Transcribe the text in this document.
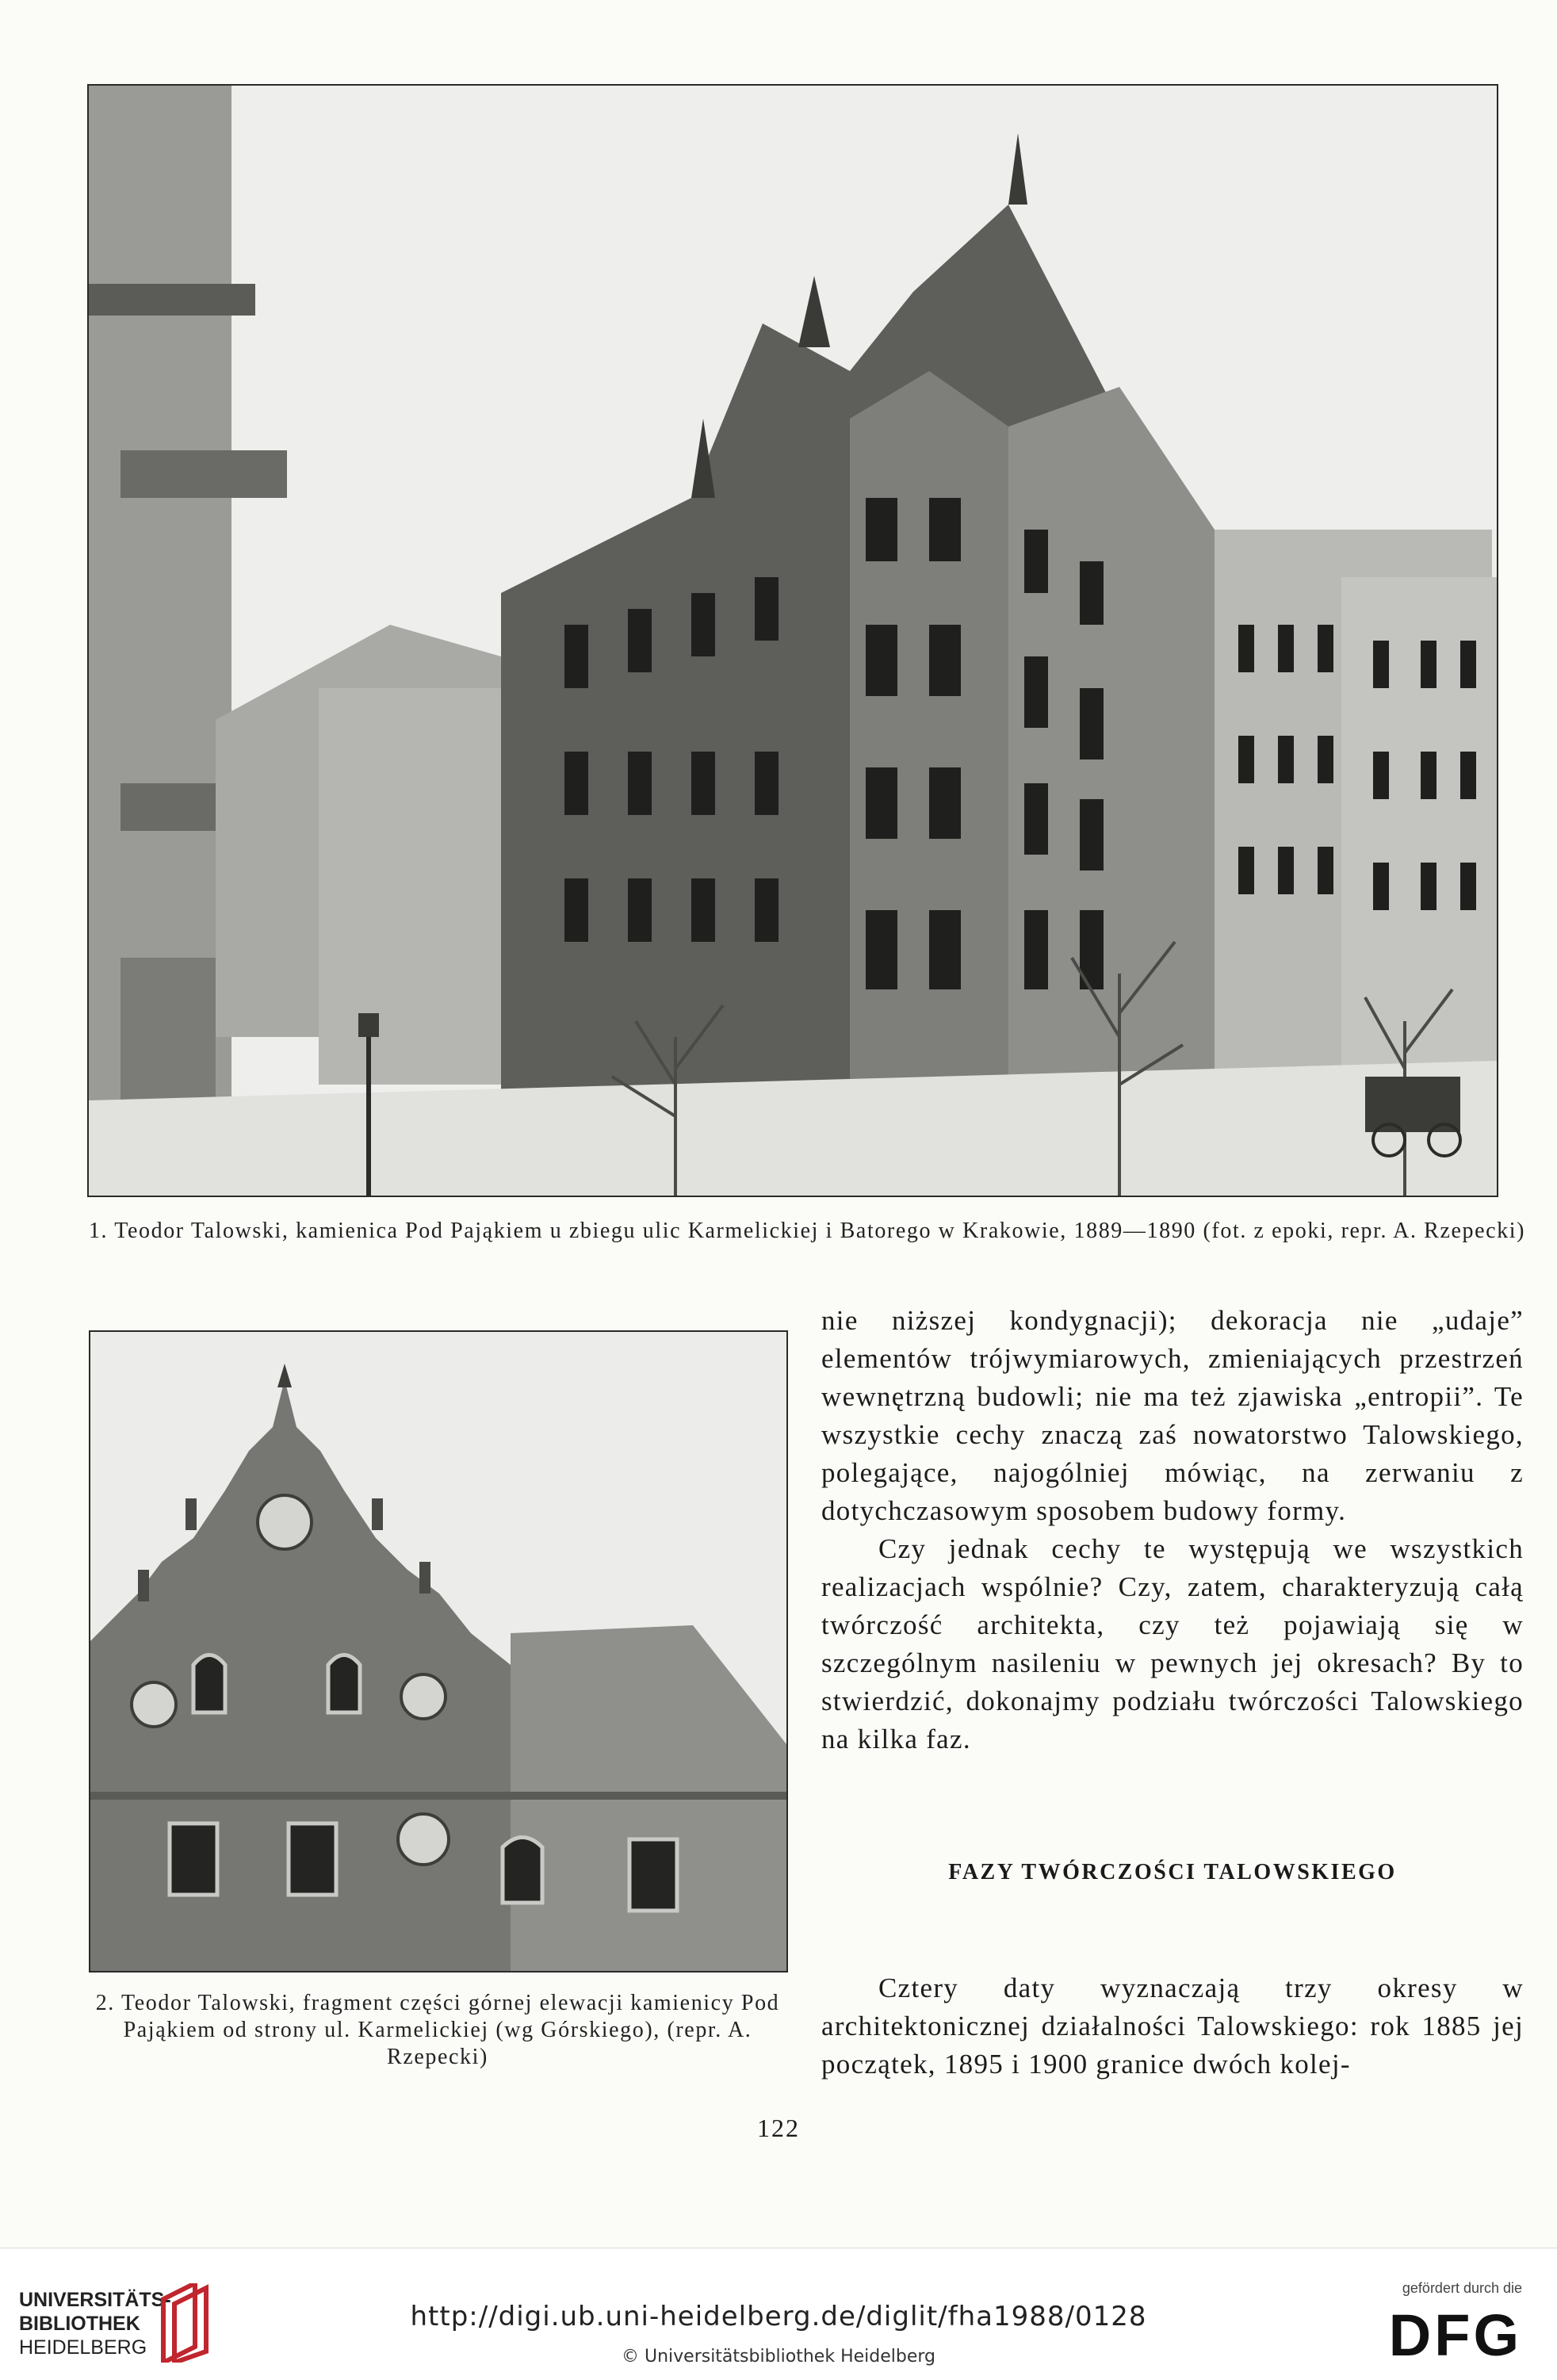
1. Teodor Talowski, kamienica Pod Pająkiem u zbiegu ulic Karmelickiej i Batorego w Krakowie, 1889—1890 (fot. z epoki, repr. A. Rzepecki)
2. Teodor Talowski, fragment części górnej elewacji kamienicy Pod Pająkiem od strony ul. Karmelickiej (wg Górskiego), (repr. A. Rzepecki)

nie niższej kondygnacji); dekoracja nie „udaje” elementów trójwymiarowych, zmieniających przestrzeń wewnętrzną budowli; nie ma też zjawiska „entropii”. Te wszystkie cechy znaczą zaś nowatorstwo Talowskiego, polegające, najogólniej mówiąc, na zerwaniu z dotychczasowym sposobem budowy formy.

Czy jednak cechy te występują we wszystkich realizacjach wspólnie? Czy, zatem, charakteryzują całą twórczość architekta, czy też pojawiają się w szczególnym nasileniu w pewnych jej okresach? By to stwierdzić, dokonajmy podziału twórczości Talowskiego na kilka faz.

FAZY TWÓRCZOŚCI TALOWSKIEGO

Cztery daty wyznaczają trzy okresy w architektonicznej działalności Talowskiego: rok 1885 jej początek, 1895 i 1900 granice dwóch kolej-

122
UNIVERSITÄTS-
BIBLIOTHEK
HEIDELBERG
http://digi.ub.uni-heidelberg.de/diglit/fha1988/0128
© Universitätsbibliothek Heidelberg
gefördert durch die
DFG
